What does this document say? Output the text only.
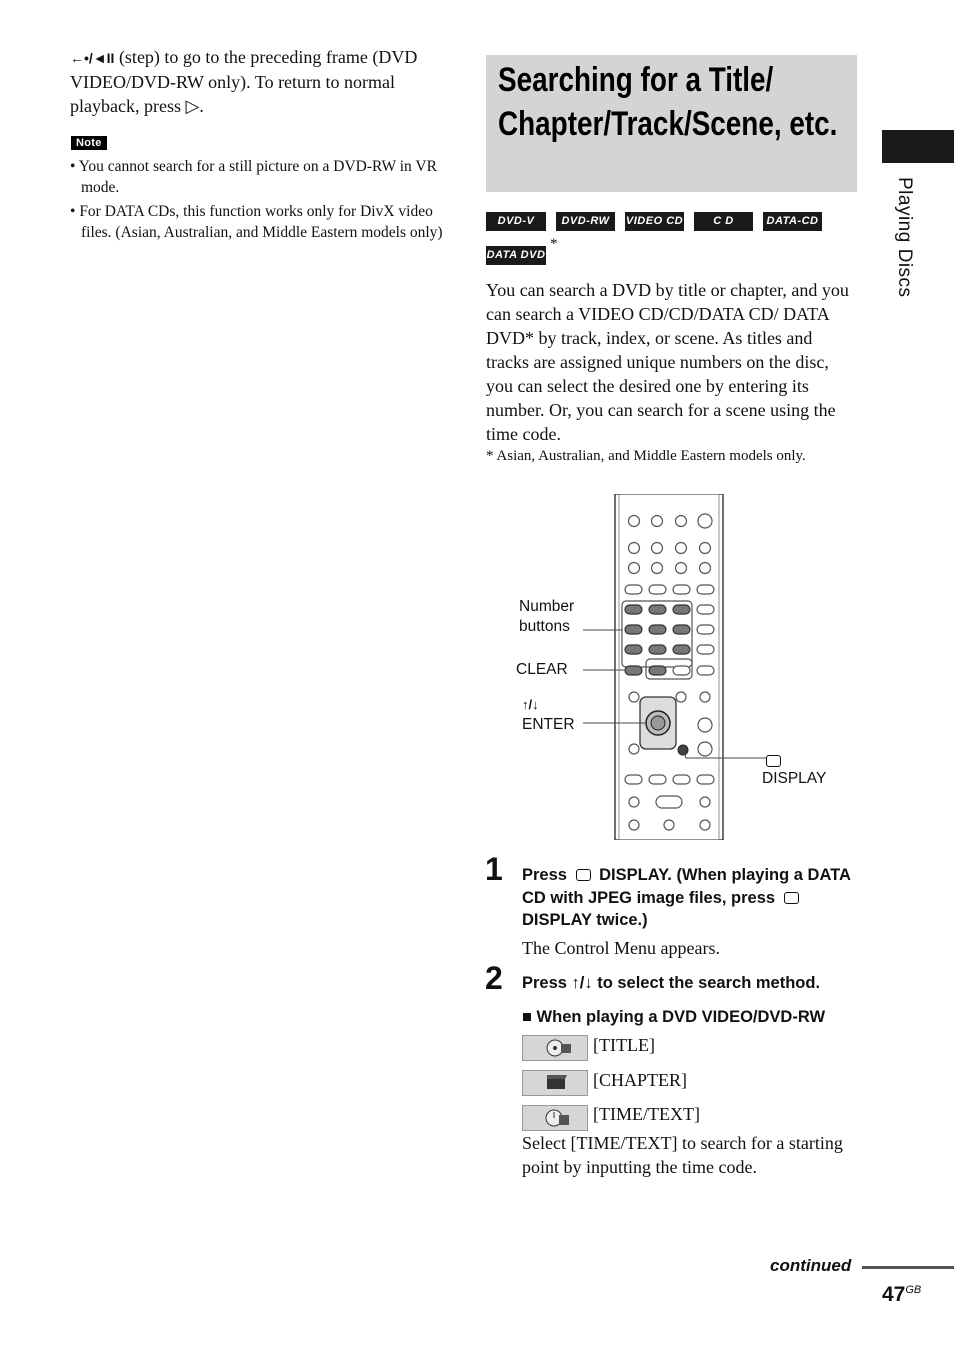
←•/◄II (step) to go to the preceding frame (DVD VIDEO/DVD-RW only). To return to normal playback, press ▷.
Note
• You cannot search for a still picture on a DVD-RW in VR mode.
• For DATA CDs, this function works only for DivX video files. (Asian, Australian, and Middle Eastern models only)
Searching for a Title/ Chapter/Track/Scene, etc.
DVD-V	DVD-RW	VIDEO CD	C D	DATA-CD
DATA DVD
*
You can search a DVD by title or chapter, and you can search a VIDEO CD/CD/DATA CD/ DATA DVD* by track, index, or scene. As titles and tracks are assigned unique numbers on the disc, you can select the desired one by entering its number. Or, you can search for a scene using the time code.
* Asian, Australian, and Middle Eastern models only.
Number
buttons
CLEAR
↑/↓
ENTER
DISPLAY
1 Press  DISPLAY. (When playing a DATA CD with JPEG image files, press  DISPLAY twice.)
The Control Menu appears.
2 Press ↑/↓ to select the search method.
■ When playing a DVD VIDEO/DVD-RW
[TITLE]
[CHAPTER]
[TIME/TEXT]
Select [TIME/TEXT] to search for a starting point by inputting the time code.
Playing Discs
continued
$47^{GB}$
